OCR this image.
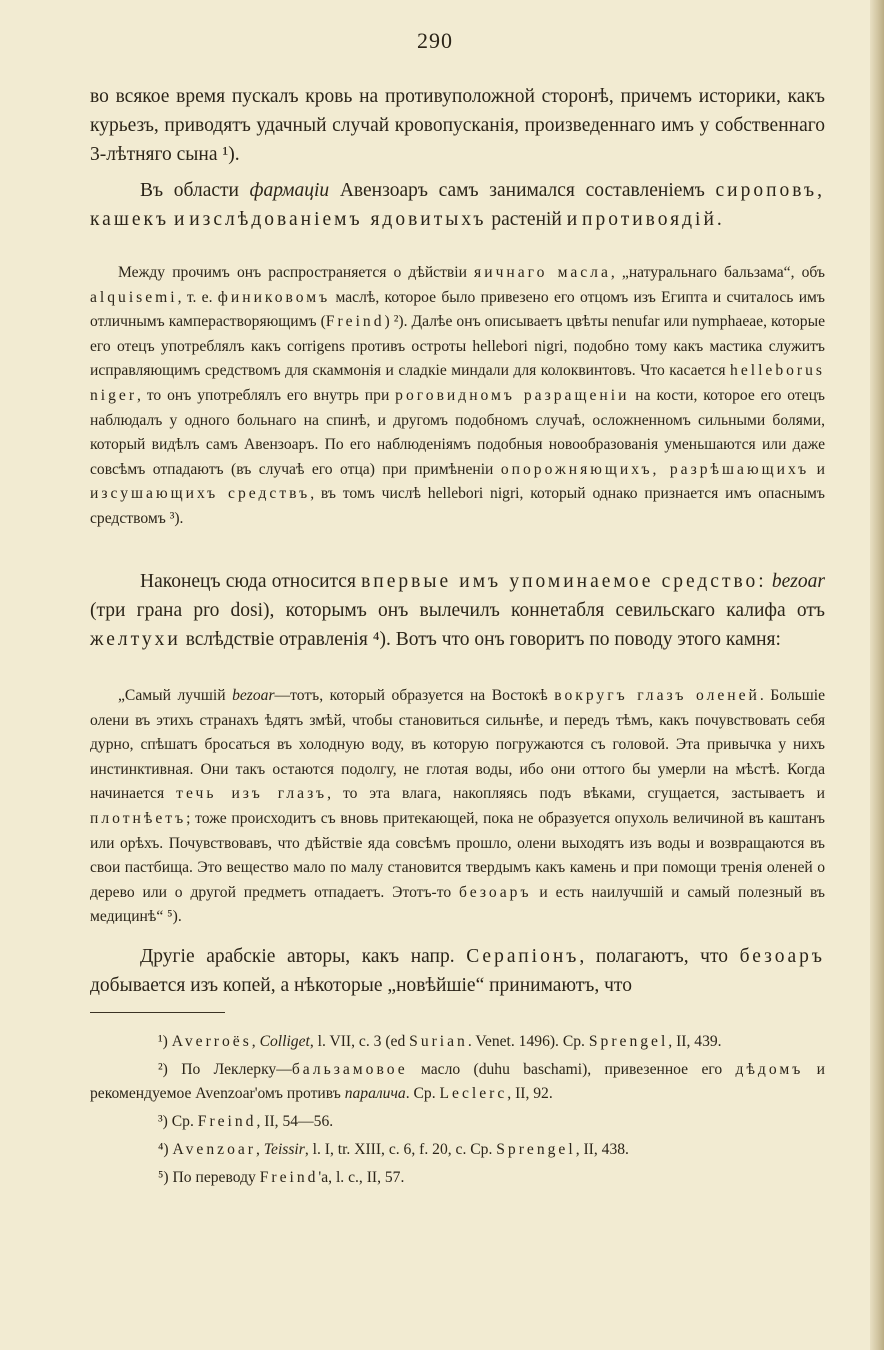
290
во всякое время пускалъ кровь на противуположной сторонѣ, причемъ историки, какъ курьезъ, приводятъ удачный случай кровопусканія, произведеннаго имъ у собственнаго 3-лѣтняго сына ¹).
Въ области фармаціи Авензоаръ самъ занимался составленіемъ сироповъ, кашекъ и изслѣдованіемъ ядовитыхъ растеній и противоядій.
Между прочимъ онъ распространяется о дѣйствіи яичнаго масла, „натуральнаго бальзама“, объ alquisemi, т. е. финиковомъ маслѣ, которое было привезено его отцомъ изъ Египта и считалось имъ отличнымъ камперастворяющимъ (Freind) ²). Далѣе онъ описываетъ цвѣты nenufar или nymphaeae, которые его отецъ употреблялъ какъ corrigens противъ остроты hellebori nigri, подобно тому какъ мастика служитъ исправляющимъ средствомъ для скаммонія и сладкіе миндали для колоквинтовъ. Что касается helleborus niger, то онъ употреблялъ его внутрь при роговидномъ разращеніи на кости, которое его отецъ наблюдалъ у одного больнаго на спинѣ, и другомъ подобномъ случаѣ, осложненномъ сильными болями, который видѣлъ самъ Авензоаръ. По его наблюденіямъ подобныя новообразованія уменьшаются или даже совсѣмъ отпадаютъ (въ случаѣ его отца) при примѣненіи опорожняющихъ, разрѣшающихъ и изсушающихъ средствъ, въ томъ числѣ hellebori nigri, который однако признается имъ опаснымъ средствомъ ³).
Наконецъ сюда относится впервые имъ упоминаемое средство: bezoar (три грана pro dosi), которымъ онъ вылечилъ коннетабля севильскаго калифа отъ желтухи вслѣдствіе отравленія ⁴). Вотъ что онъ говоритъ по поводу этого камня:
„Самый лучшій bezoar—тотъ, который образуется на Востокѣ вокругъ глазъ оленей. Большіе олени въ этихъ странахъ ѣдятъ змѣй, чтобы становиться сильнѣе, и передъ тѣмъ, какъ почувствовать себя дурно, спѣшатъ бросаться въ холодную воду, въ которую погружаются съ головой. Эта привычка у нихъ инстинктивная. Они такъ остаются подолгу, не глотая воды, ибо они оттого бы умерли на мѣстѣ. Когда начинается течь изъ глазъ, то эта влага, накопляясь подъ вѣками, сгущается, застываетъ и плотнѣетъ; тоже происходитъ съ вновь притекающей, пока не образуется опухоль величиной въ каштанъ или орѣхъ. Почувствовавъ, что дѣйствіе яда совсѣмъ прошло, олени выходятъ изъ воды и возвращаются въ свои пастбища. Это вещество мало по малу становится твердымъ какъ камень и при помощи тренія оленей о дерево или о другой предметъ отпадаетъ. Этотъ-то безоаръ и есть наилучшій и самый полезный въ медицинѣ“ ⁵).
Другіе арабскіе авторы, какъ напр. Серапіонъ, полагаютъ, что безоаръ добывается изъ копей, а нѣкоторые „новѣйшіе“ принимаютъ, что
¹) Averroës, Colliget, l. VII, c. 3 (ed Surian. Venet. 1496). Ср. Sprengel, II, 439.
²) По Леклерку—бальзамовое масло (duhu baschami), привезенное его дѣдомъ и рекомендуемое Avenzoar'омъ противъ паралича. Ср. Leclerc, II, 92.
³) Ср. Freind, II, 54—56.
⁴) Avenzoar, Teissir, l. I, tr. XIII, c. 6, f. 20, c. Ср. Sprengel, II, 438.
⁵) По переводу Freind'a, l. c., II, 57.
